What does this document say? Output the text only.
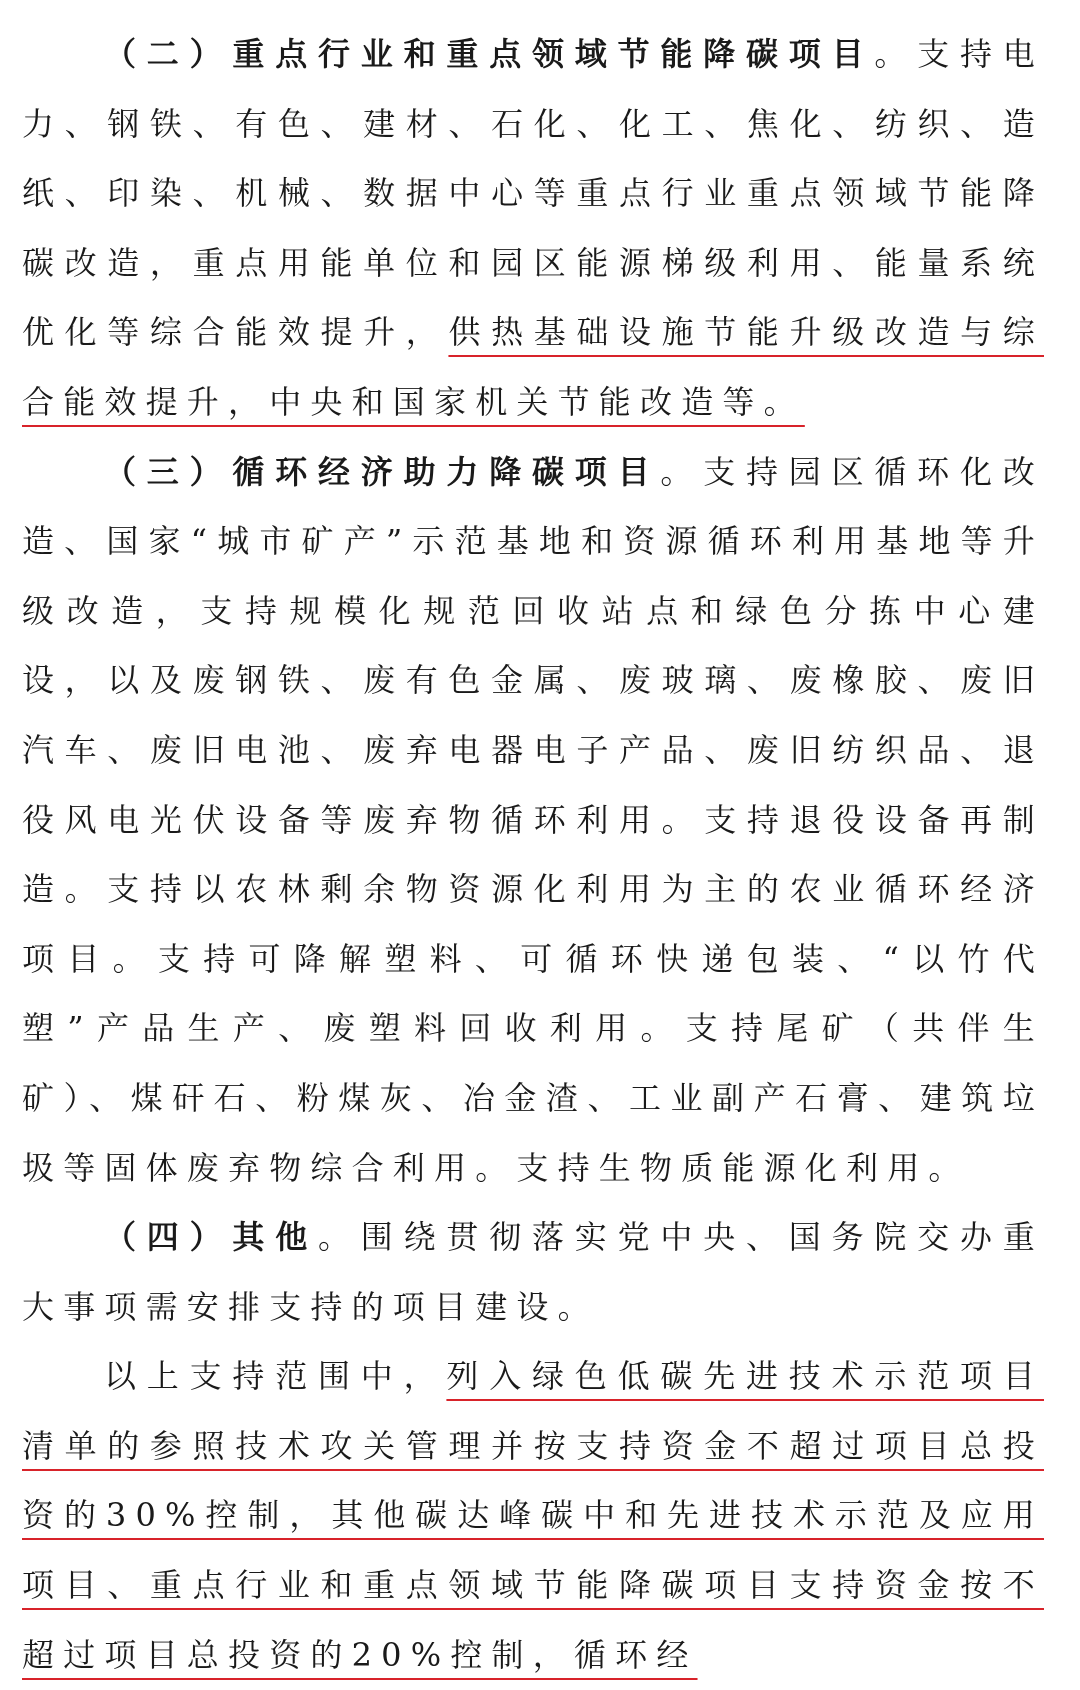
（二）重点行业和重点领域节能降碳项目。支持电力、钢铁、有色、建材、石化、化工、焦化、纺织、造纸、印染、机械、数据中心等重点行业重点领域节能降碳改造，重点用能单位和园区能源梯级利用、能量系统优化等综合能效提升，供热基础设施节能升级改造与综合能效提升，中央和国家机关节能改造等。

（三）循环经济助力降碳项目。支持园区循环化改造、国家“城市矿产”示范基地和资源循环利用基地等升级改造，支持规模化规范回收站点和绿色分拣中心建设，以及废钢铁、废有色金属、废玻璃、废橡胶、废旧汽车、废旧电池、废弃电器电子产品、废旧纺织品、退役风电光伏设备等废弃物循环利用。支持退役设备再制造。支持以农林剩余物资源化利用为主的农业循环经济项目。支持可降解塑料、可循环快递包装、“以竹代塑”产品生产、废塑料回收利用。支持尾矿（共伴生矿）、煤矸石、粉煤灰、冶金渣、工业副产石膏、建筑垃圾等固体废弃物综合利用。支持生物质能源化利用。

（四）其他。围绕贯彻落实党中央、国务院交办重大事项需安排支持的项目建设。

以上支持范围中，列入绿色低碳先进技术示范项目清单的参照技术攻关管理并按支持资金不超过项目总投资的30%控制，其他碳达峰碳中和先进技术示范及应用项目、重点行业和重点领域节能降碳项目支持资金按不超过项目总投资的20%控制，循环经
